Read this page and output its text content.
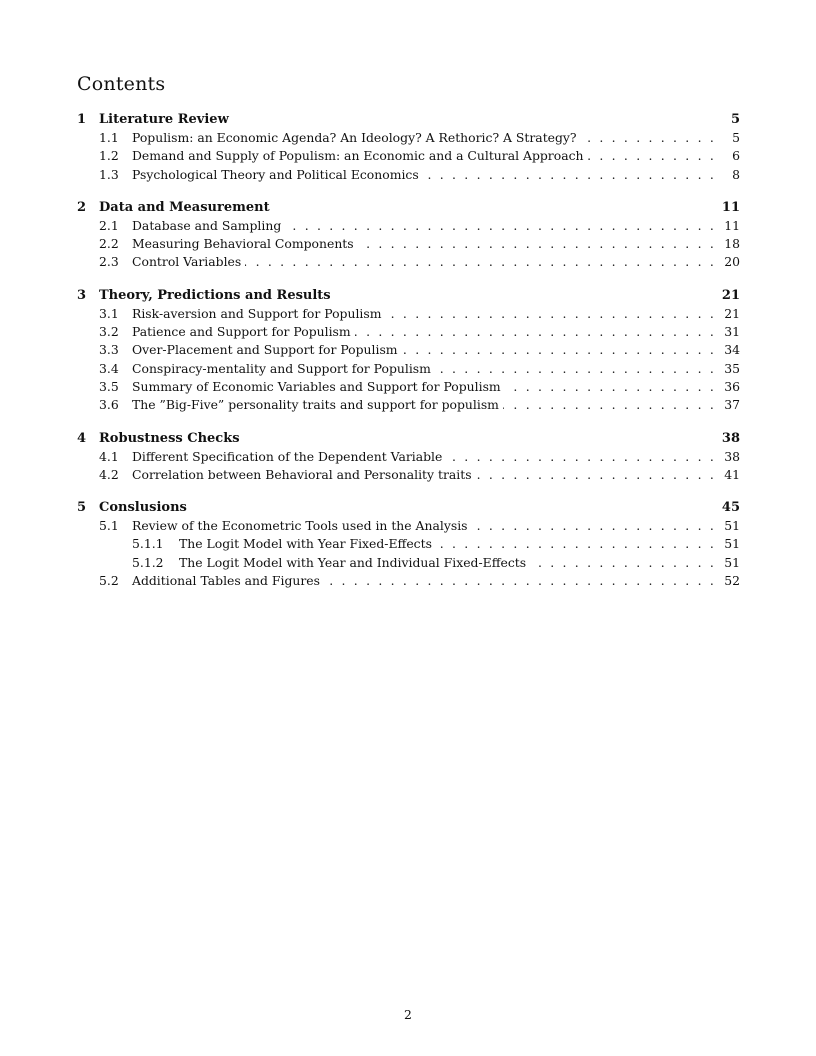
Contents
1 Literature Review	5
1.1	Populism: an Economic Agenda? An Ideology? A Rethoric? A Strategy? . . .	5
1.2	Demand and Supply of Populism: an Economic and a Cultural Approach . . .	6
1.3	Psychological Theory and Political Economics . . .	8
2 Data and Measurement	11
2.1	Database and Sampling . . .	11
2.2	Measuring Behavioral Components . . .	18
2.3	Control Variables . . .	20
3 Theory, Predictions and Results	21
3.1	Risk-aversion and Support for Populism . . .	21
3.2	Patience and Support for Populism . . .	31
3.3	Over-Placement and Support for Populism . . .	34
3.4	Conspiracy-mentality and Support for Populism . . .	35
3.5	Summary of Economic Variables and Support for Populism . . .	36
3.6	The ”Big-Five” personality traits and support for populism . . .	37
4 Robustness Checks	38
4.1	Different Specification of the Dependent Variable . . .	38
4.2	Correlation between Behavioral and Personality traits . . .	41
5 Conslusions	45
5.1	Review of the Econometric Tools used in the Analysis . . .	51
5.1.1	The Logit Model with Year Fixed-Effects . . .	51
5.1.2	The Logit Model with Year and Individual Fixed-Effects . . .	51
5.2	Additional Tables and Figures . . .	52
2
